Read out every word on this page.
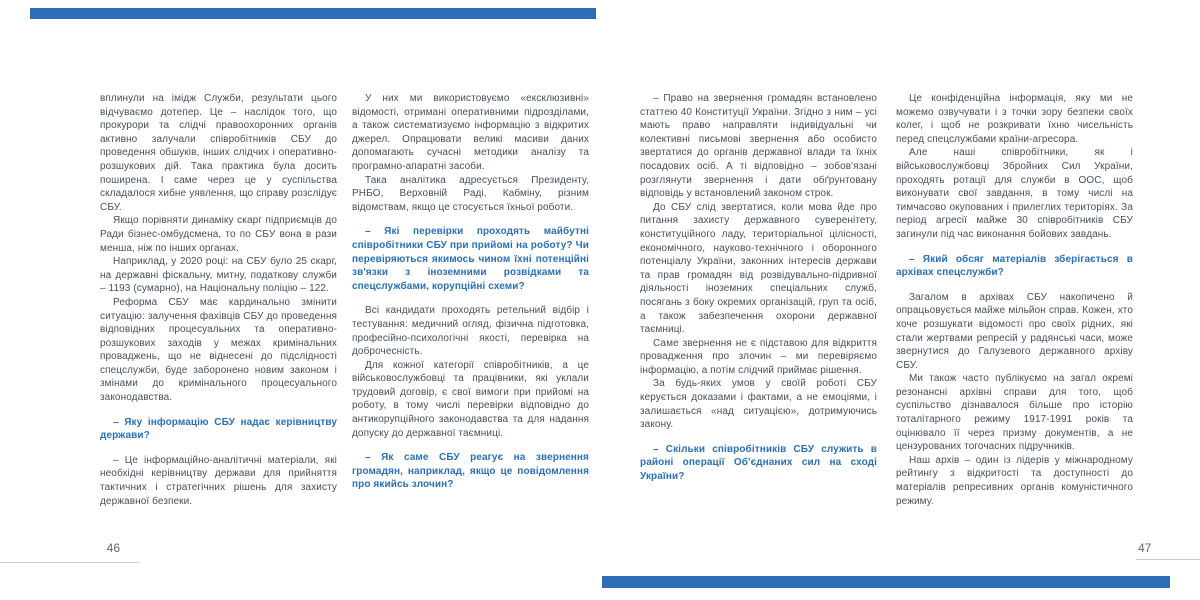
вплинули на імідж Служби, результати цього відчуваємо дотепер. Це – наслідок того, що прокурори та слідчі правоохоронних органів активно залучали співробітників СБУ до проведення обшуків, інших слідчих і оперативно-розшукових дій. Така практика була досить поширена. І саме через це у суспільства складалося хибне уявлення, що справу розслідує СБУ.

Якщо порівняти динаміку скарг підприємців до Ради бізнес-омбудсмена, то по СБУ вона в рази менша, ніж по інших органах.

Наприклад, у 2020 році: на СБУ було 25 скарг, на державні фіскальну, митну, податкову служби – 1193 (сумарно), на Національну поліцію – 122.

Реформа СБУ має кардинально змінити ситуацію: залучення фахівців СБУ до проведення відповідних процесуальних та оперативно-розшукових заходів у межах кримінальних проваджень, що не віднесені до підслідності спецслужби, буде заборонено новим законом і змінами до кримінального процесуального законодавства.

– Яку інформацію СБУ надає керівництву держави?

– Це інформаційно-аналітичні матеріали, які необхідні керівництву держави для прийняття тактичних і стратегічних рішень для захисту державної безпеки.

У них ми використовуємо «ексклюзивні» відомості, отримані оперативними підрозділами, а також систематизуємо інформацію з відкритих джерел. Опрацювати великі масиви даних допомагають сучасні методики аналізу та програмно-апаратні засоби.

Така аналітика адресується Президенту, РНБО, Верховній Раді, Кабміну, різним відомствам, якщо це стосується їхньої роботи.

– Які перевірки проходять майбутні співробітники СБУ при прийомі на роботу? Чи перевіряються якимось чином їхні потенційні зв'язки з іноземними розвідками та спецслужбами, корупційні схеми?

Всі кандидати проходять ретельний відбір і тестування: медичний огляд, фізична підготовка, професійно-психологічні якості, перевірка на доброчесність.

Для кожної категорії співробітників, а це військовослужбовці та працівники, які уклали трудовий договір, є свої вимоги при прийомі на роботу, в тому числі перевірки відповідно до антикорупційного законодавства та для надання допуску до державної таємниці.

– Як саме СБУ реагує на звернення громадян, наприклад, якщо це повідомлення про якийсь злочин?

– Право на звернення громадян встановлено статтею 40 Конституції України. Згідно з ним – усі мають право направляти індивідуальні чи колективні письмові звернення або особисто звертатися до органів державної влади та їхніх посадових осіб. А ті відповідно – зобов'язані розглянути звернення і дати обґрунтовану відповідь у встановлений законом строк.

До СБУ слід звертатися, коли мова йде про питання захисту державного суверенітету, конституційного ладу, територіальної цілісності, економічного, науково-технічного і оборонного потенціалу України, законних інтересів держави та прав громадян від розвідувально-підривної діяльності іноземних спеціальних служб, посягань з боку окремих організацій, груп та осіб, а також забезпечення охорони державної таємниці.

Саме звернення не є підставою для відкриття провадження про злочин – ми перевіряємо інформацію, а потім слідчий приймає рішення.

За будь-яких умов у своїй роботі СБУ керується доказами і фактами, а не емоціями, і залишається «над ситуацією», дотримуючись закону.

– Скільки співробітників СБУ служить в районі операції Об'єднаних сил на сході України?

Це конфіденційна інформація, яку ми не можемо озвучувати і з точки зору безпеки своїх колег, і щоб не розкривати їхню чисельність перед спецслужбами країни-агресора.

Але наші співробітники, як і військовослужбовці Збройних Сил України, проходять ротації для служби в ООС, щоб виконувати свої завдання, в тому числі на тимчасово окупованих і прилеглих територіях. За період агресії майже 30 співробітників СБУ загинули під час виконання бойових завдань.

– Який обсяг матеріалів зберігається в архівах спецслужби?

Загалом в архівах СБУ накопичено й опрацьовується майже мільйон справ. Кожен, хто хоче розшукати відомості про своїх рідних, які стали жертвами репресій у радянські часи, може звернутися до Галузевого державного архіву СБУ.

Ми також часто публікуємо на загал окремі резонансні архівні справи для того, щоб суспільство дізнавалося більше про історію тоталітарного режиму 1917-1991 років та оцінювало її через призму документів, а не цензурованих тогочасних підручників.

Наш архів – один із лідерів у міжнародному рейтингу з відкритості та доступності до матеріалів репресивних органів комуністичного режиму.

46	47
